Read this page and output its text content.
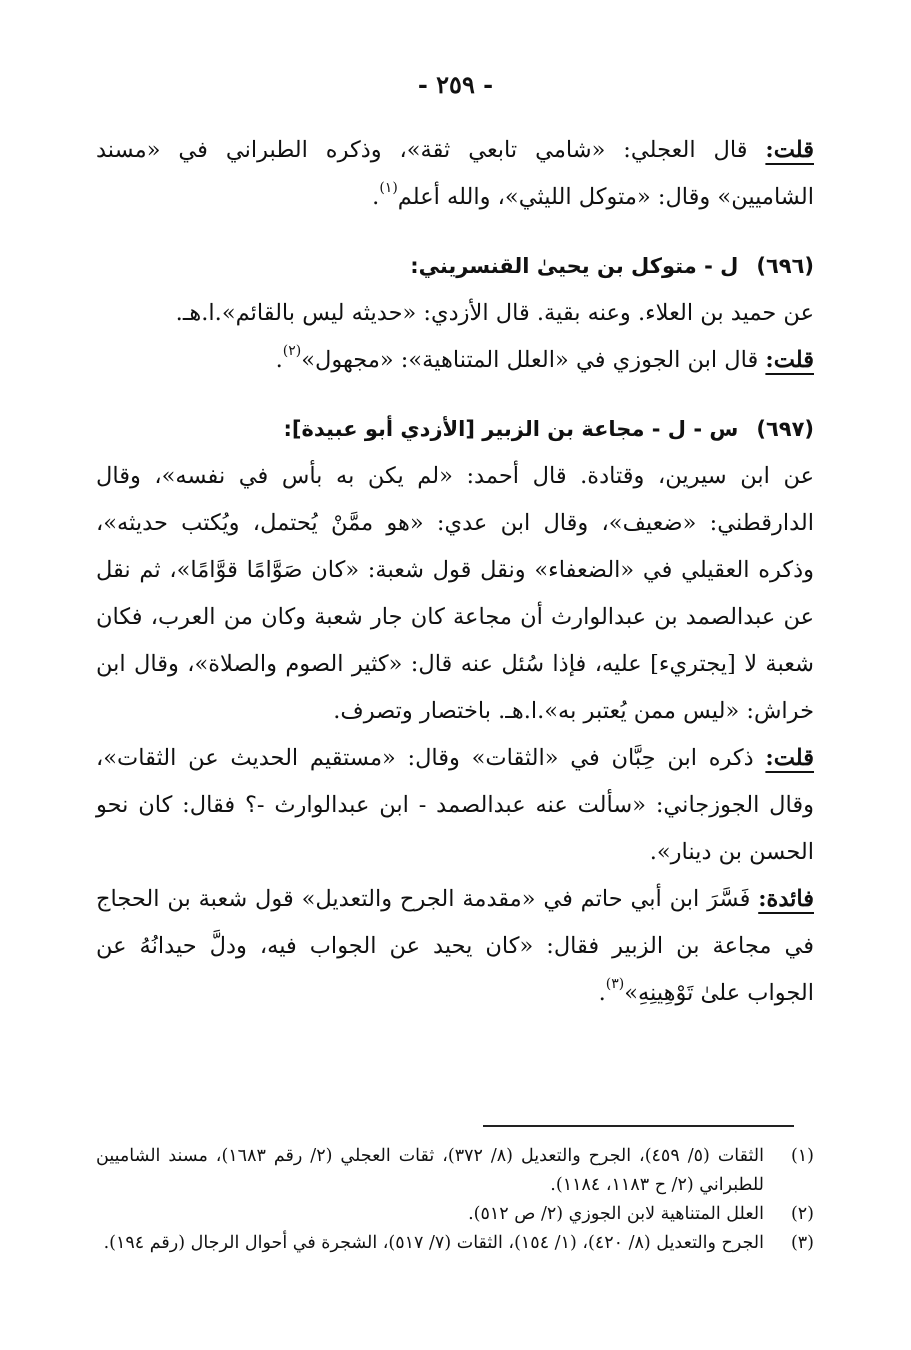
- ٢٥٩ -

قلت: قال العجلي: «شامي تابعي ثقة»، وذكره الطبراني في «مسند الشاميين» وقال: «متوكل الليثي»، والله أعلم$^{(١)}$.

(٦٩٦)ل - متوكل بن يحيىٰ القنسريني:

عن حميد بن العلاء. وعنه بقية. قال الأزدي: «حديثه ليس بالقائم».ا.هـ.

قلت: قال ابن الجوزي في «العلل المتناهية»: «مجهول»$^{(٢)}$.

(٦٩٧)س - ل - مجاعة بن الزبير [الأزدي أبو عبيدة]:

عن ابن سيرين، وقتادة. قال أحمد: «لم يكن به بأس في نفسه»، وقال الدارقطني: «ضعيف»، وقال ابن عدي: «هو ممَّنْ يُحتمل، ويُكتب حديثه»، وذكره العقيلي في «الضعفاء» ونقل قول شعبة: «كان صَوَّامًا قوَّامًا»، ثم نقل عن عبدالصمد بن عبدالوارث أن مجاعة كان جار شعبة وكان من العرب، فكان شعبة لا [يجتريء] عليه، فإذا سُئل عنه قال: «كثير الصوم والصلاة»، وقال ابن خراش: «ليس ممن يُعتبر به».ا.هـ. باختصار وتصرف.

قلت: ذكره ابن حِبَّان في «الثقات» وقال: «مستقيم الحديث عن الثقات»، وقال الجوزجاني: «سألت عنه عبدالصمد - ابن عبدالوارث -؟ فقال: كان نحو الحسن بن دينار».

فائدة: فَسَّرَ ابن أبي حاتم في «مقدمة الجرح والتعديل» قول شعبة بن الحجاج في مجاعة بن الزبير فقال: «كان يحيد عن الجواب فيه، ودلَّ حيدانُهُ عن الجواب علىٰ تَوْهِينِهِ»$^{(٣)}$.

(١)
الثقات (٥/ ٤٥٩)، الجرح والتعديل (٨/ ٣٧٢)، ثقات العجلي (٢/ رقم ١٦٨٣)، مسند الشاميين للطبراني (٢/ ح ١١٨٣، ١١٨٤).
(٢)
العلل المتناهية لابن الجوزي (٢/ ص ٥١٢).
(٣)
الجرح والتعديل (٨/ ٤٢٠)، (١/ ١٥٤)، الثقات (٧/ ٥١٧)، الشجرة في أحوال الرجال (رقم ١٩٤).
